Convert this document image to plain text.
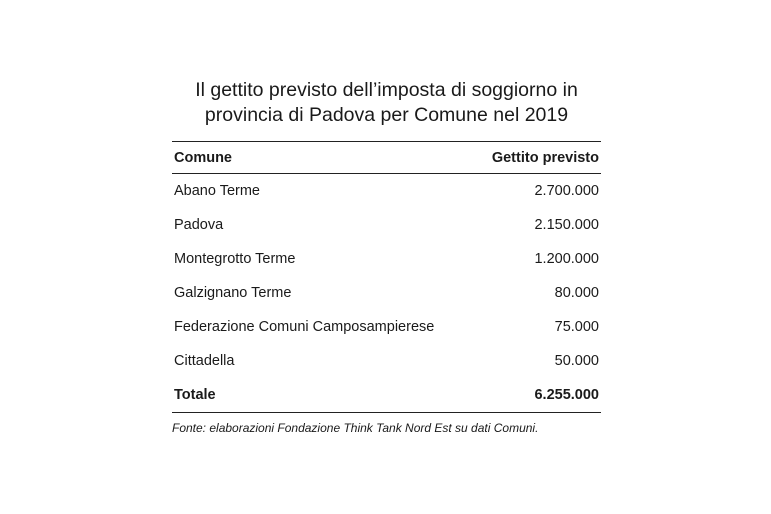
Il gettito previsto dell’imposta di soggiorno in
provincia di Padova per Comune nel 2019
Comune	Gettito previsto
Abano Terme	2.700.000
Padova	2.150.000
Montegrotto Terme	1.200.000
Galzignano Terme	80.000
Federazione Comuni Camposampierese	75.000
Cittadella	50.000
Totale	6.255.000
Fonte: elaborazioni Fondazione Think Tank Nord Est su dati Comuni.
